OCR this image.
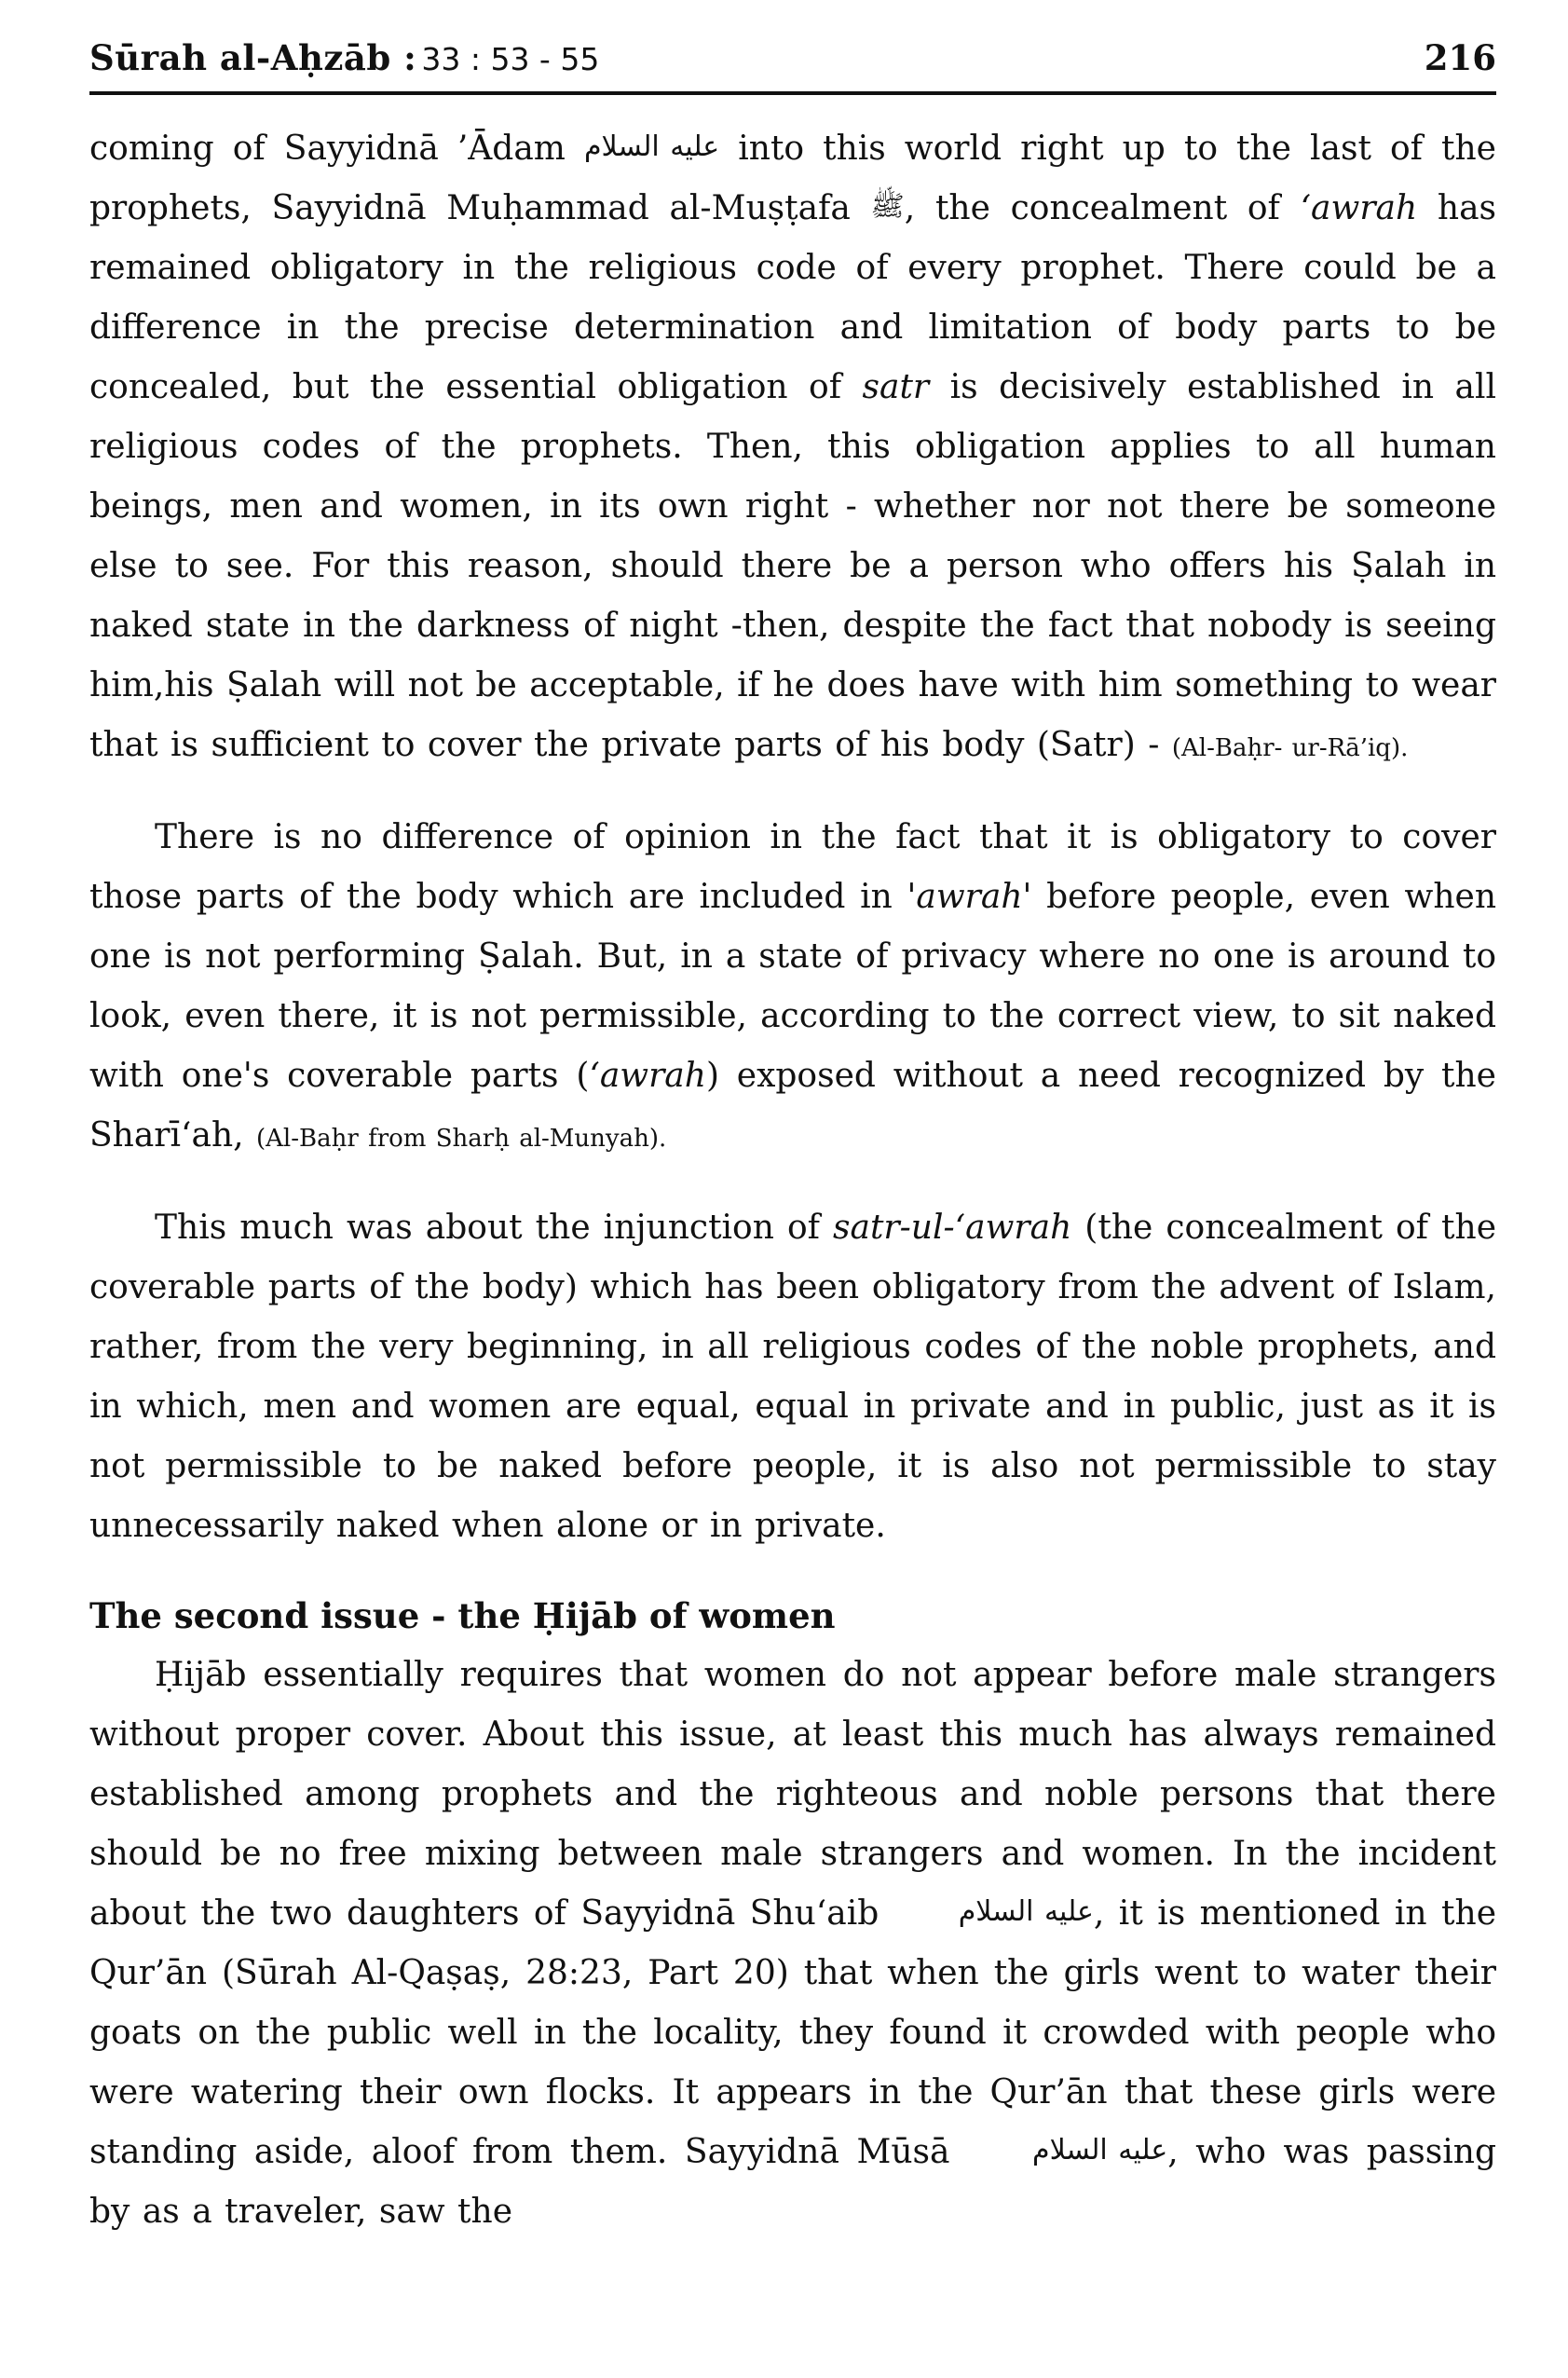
Sūrah al-Aḥzāb : 33 : 53 - 55	216

coming of Sayyidnā ’Ādam عليه السلام into this world right up to the last of the prophets, Sayyidnā Muḥammad al-Muṣṭafa ﷺ, the concealment of ‘awrah has remained obligatory in the religious code of every prophet. There could be a difference in the precise determination and limitation of body parts to be concealed, but the essential obligation of satr is decisively established in all religious codes of the prophets. Then, this obligation applies to all human beings, men and women, in its own right - whether nor not there be someone else to see. For this reason, should there be a person who offers his Ṣalah in naked state in the darkness of night -then, despite the fact that nobody is seeing him,his Ṣalah will not be acceptable, if he does have with him something to wear that is sufficient to cover the private parts of his body (Satr) - (Al-Baḥr- ur-Rā’iq).

There is no difference of opinion in the fact that it is obligatory to cover those parts of the body which are included in 'awrah' before people, even when one is not performing Ṣalah. But, in a state of privacy where no one is around to look, even there, it is not permissible, according to the correct view, to sit naked with one's coverable parts (‘awrah) exposed without a need recognized by the Sharī‘ah, (Al-Baḥr from Sharḥ al-Munyah).

This much was about the injunction of satr-ul-‘awrah (the concealment of the coverable parts of the body) which has been obligatory from the advent of Islam, rather, from the very beginning, in all religious codes of the noble prophets, and in which, men and women are equal, equal in private and in public, just as it is not permissible to be naked before people, it is also not permissible to stay unnecessarily naked when alone or in private.

The second issue - the Ḥijāb of women

Ḥijāb essentially requires that women do not appear before male strangers without proper cover. About this issue, at least this much has always remained established among prophets and the righteous and noble persons that there should be no free mixing between male strangers and women. In the incident about the two daughters of Sayyidnā Shu‘aib عليه السلام, it is mentioned in the Qur’ān (Sūrah Al-Qaṣaṣ, 28:23, Part 20) that when the girls went to water their goats on the public well in the locality, they found it crowded with people who were watering their own flocks. It appears in the Qur’ān that these girls were standing aside, aloof from them. Sayyidnā Mūsā عليه السلام, who was passing by as a traveler, saw the
